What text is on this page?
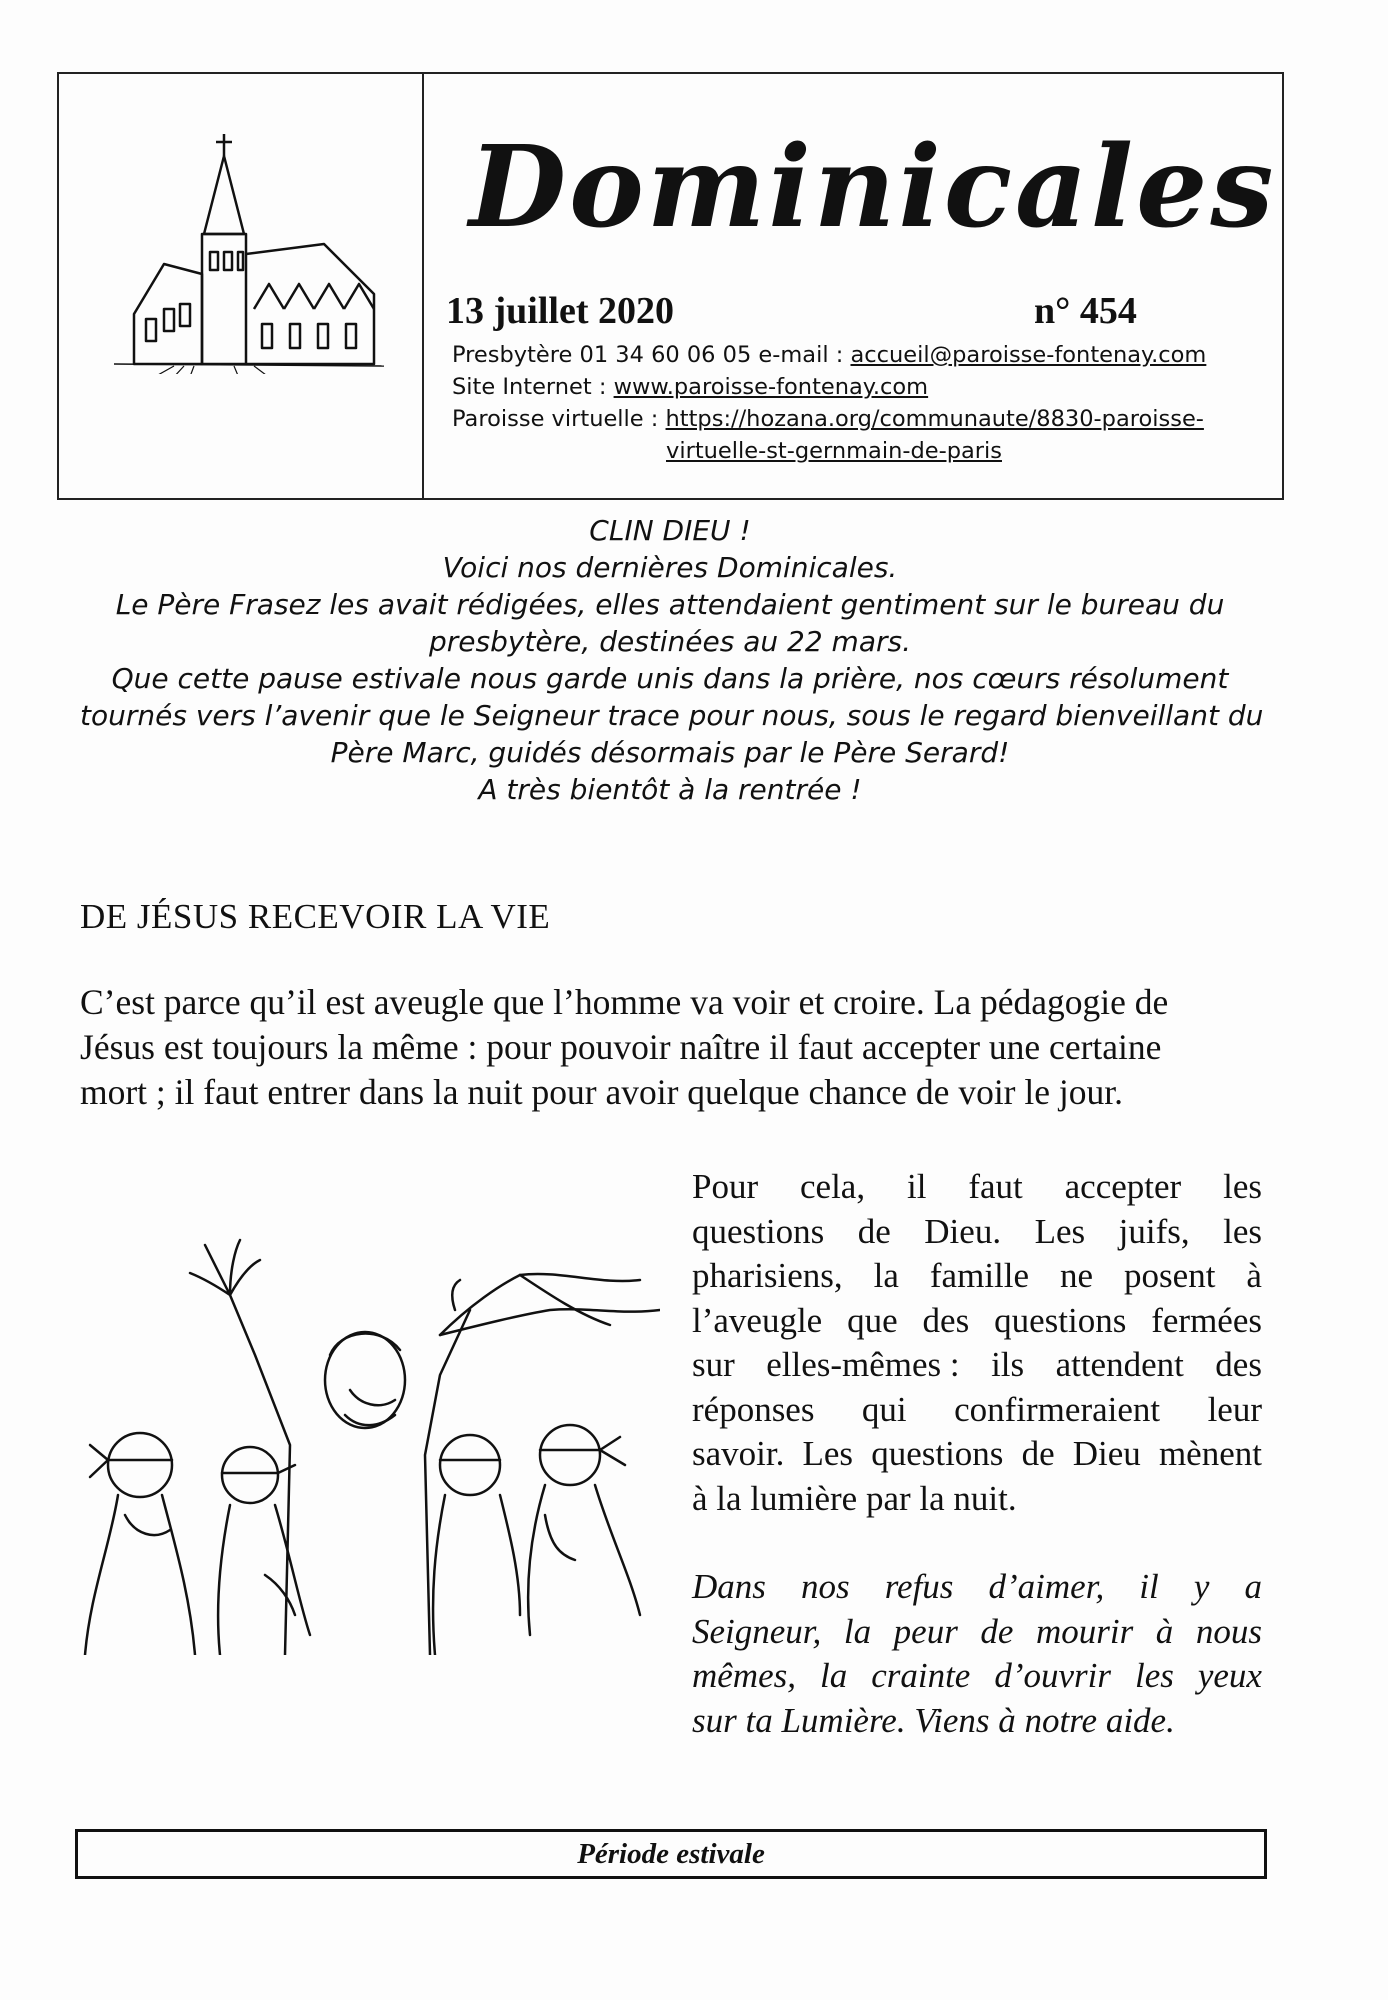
Dominicales
13 juillet 2020	n° 454
Presbytère 01 34 60 06 05 e-mail : accueil@paroisse-fontenay.com
Site Internet : www.paroisse-fontenay.com
Paroisse virtuelle : https://hozana.org/communaute/8830-paroisse-
virtuelle-st-gernmain-de-paris
CLIN DIEU !
Voici nos dernières Dominicales.
Le Père Frasez les avait rédigées, elles attendaient gentiment sur le bureau du
presbytère, destinées au 22 mars.
Que cette pause estivale nous garde unis dans la prière, nos cœurs résolument
tournés vers l’avenir que le Seigneur trace pour nous, sous le regard bienveillant du
Père Marc, guidés désormais par le Père Serard!
A très bientôt à la rentrée !
DE JÉSUS RECEVOIR LA VIE
C’est parce qu’il est aveugle que l’homme va voir et croire. La pédagogie de
Jésus est toujours la même : pour pouvoir naître il faut accepter une certaine
mort ; il faut entrer dans la nuit pour avoir quelque chance de voir le jour.
Pour cela, il faut accepter les
questions de Dieu. Les juifs, les
pharisiens, la famille ne posent à
l’aveugle que des questions fermées
sur elles-mêmes : ils attendent des
réponses qui confirmeraient leur
savoir. Les questions de Dieu mènent
à la lumière par la nuit.
Dans nos refus d’aimer, il y a
Seigneur, la peur de mourir à nous
mêmes, la crainte d’ouvrir les yeux
sur ta Lumière. Viens à notre aide.
Période estivale
